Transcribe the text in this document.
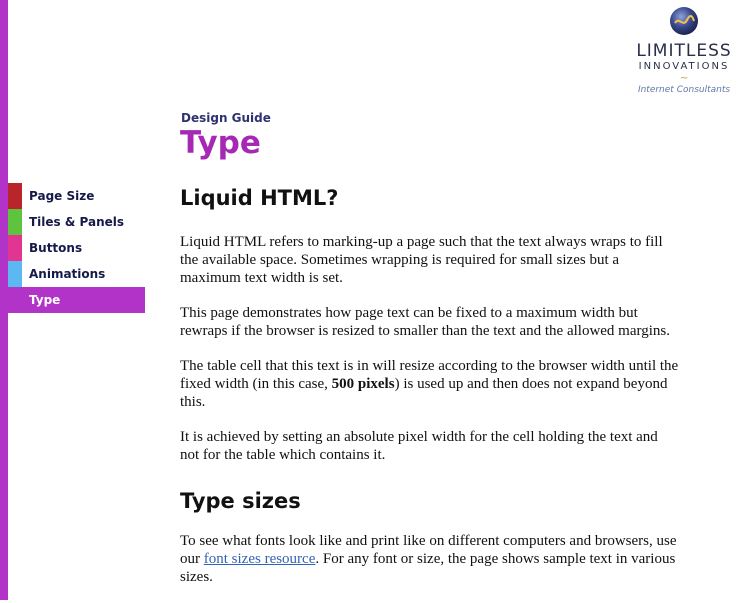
LIMITLESS
INNOVATIONS
~
Internet Consultants
Design Guide
Type
Page Size
Tiles & Panels
Buttons
Animations
Type
Liquid HTML?

Liquid HTML refers to marking-up a page such that the text always wraps to fill the available space. Sometimes wrapping is required for small sizes but a maximum text width is set.

This page demonstrates how page text can be fixed to a maximum width but rewraps if the browser is resized to smaller than the text and the allowed margins.

The table cell that this text is in will resize according to the browser width until the fixed width (in this case, 500 pixels) is used up and then does not expand beyond this.

It is achieved by setting an absolute pixel width for the cell holding the text and not for the table which contains it.

Type sizes

To see what fonts look like and print like on different computers and browsers, use our font sizes resource. For any font or size, the page shows sample text in various sizes.
